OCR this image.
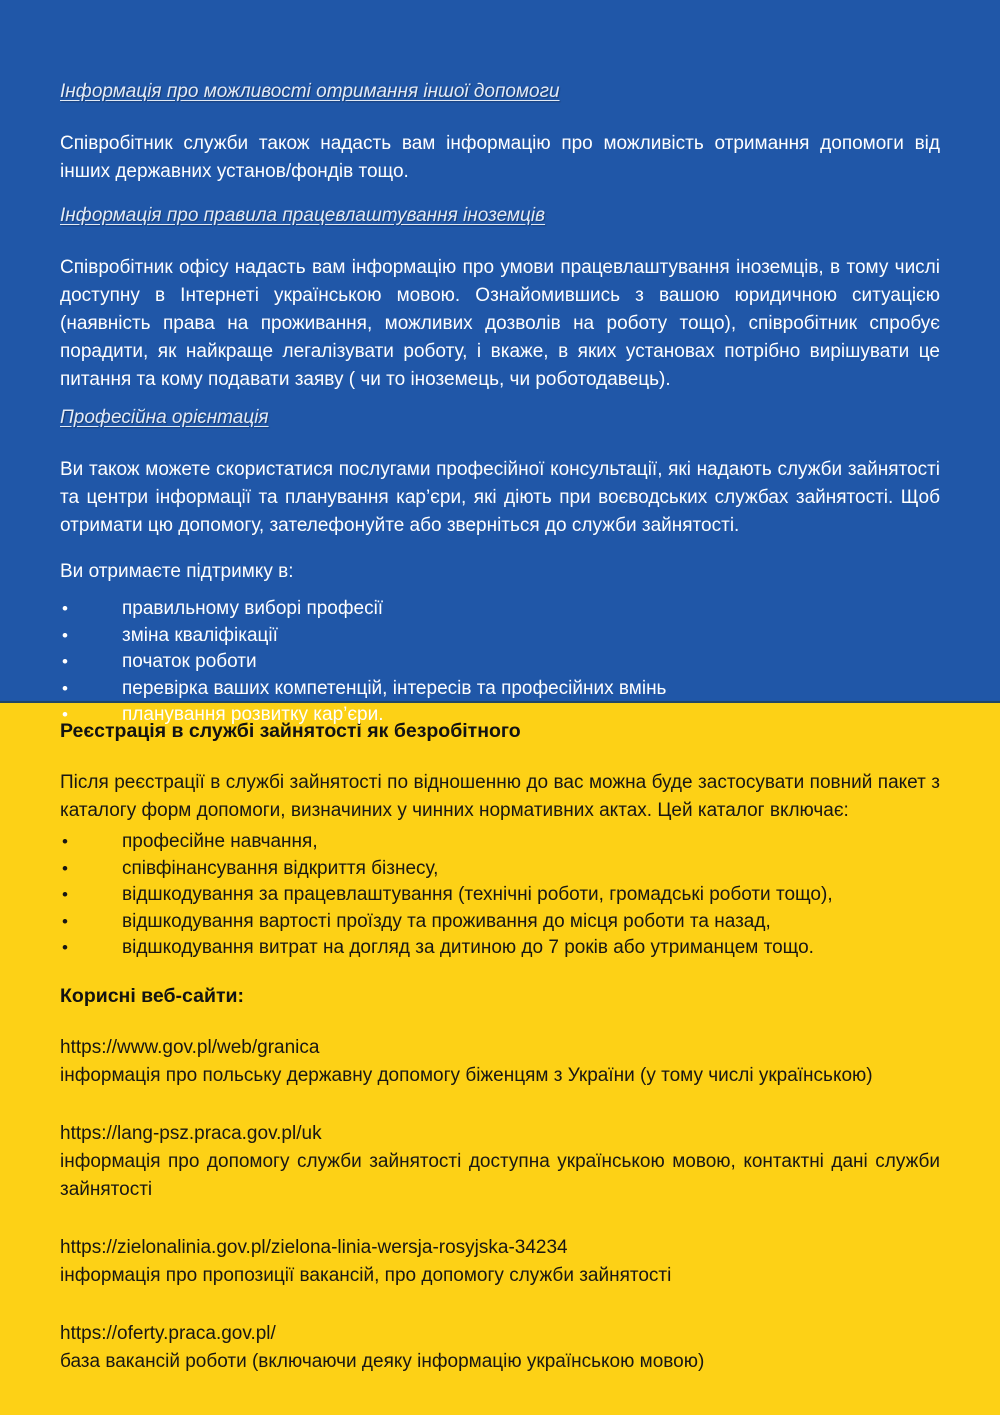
Інформація про можливості отримання іншої допомоги

Співробітник служби також надасть вам інформацію про можливість отримання допомоги від інших державних установ/фондів тощо.

Інформація про правила працевлаштування іноземців

Співробітник офісу надасть вам інформацію про умови працевлаштування іноземців, в тому числі доступну в Інтернеті українською мовою. Ознайомившись з вашою юридичною ситуацією (наявність права на проживання, можливих дозволів на роботу тощо), співробітник спробує порадити, як найкраще легалізувати роботу, і вкаже, в яких установах потрібно вирішувати це питання та кому подавати заяву ( чи то іноземець, чи роботодавець).

Професійна орієнтація

Ви також можете скористатися послугами професійної консультації, які надають служби зайнятості та центри інформації та планування кар’єри, які діють при воєводських службах зайнятості. Щоб отримати цю допомогу, зателефонуйте або зверніться до служби зайнятості.

Ви отримаєте підтримку в:

• правильному виборі професії
• зміна кваліфікації
• початок роботи
• перевірка ваших компетенцій, інтересів та професійних вмінь
• планування розвитку кар’єри.
Реєстрація в службі зайнятості як безробітного

Після реєстрації в службі зайнятості по відношенню до вас можна буде застосувати повний пакет з каталогу форм допомоги, визначиних у чинних нормативних актах. Цей каталог включає:

• професійне навчання,
• співфінансування відкриття бізнесу,
• відшкодування за працевлаштування (технічні роботи, громадські роботи тощо),
• відшкодування вартості проїзду та проживання до місця роботи та назад,
• відшкодування витрат на догляд за дитиною до 7 років або утриманцем тощо.
Корисні веб-сайти:
https://www.gov.pl/web/granica
інформація про польську державну допомогу біженцям з України (у тому числі українською)
https://lang-psz.praca.gov.pl/uk
інформація про допомогу служби зайнятості доступна українською мовою, контактні дані служби зайнятості
https://zielonalinia.gov.pl/zielona-linia-wersja-rosyjska-34234
інформація про пропозиції вакансій, про допомогу служби зайнятості
https://oferty.praca.gov.pl/
база вакансій роботи (включаючи деяку інформацію українською мовою)
